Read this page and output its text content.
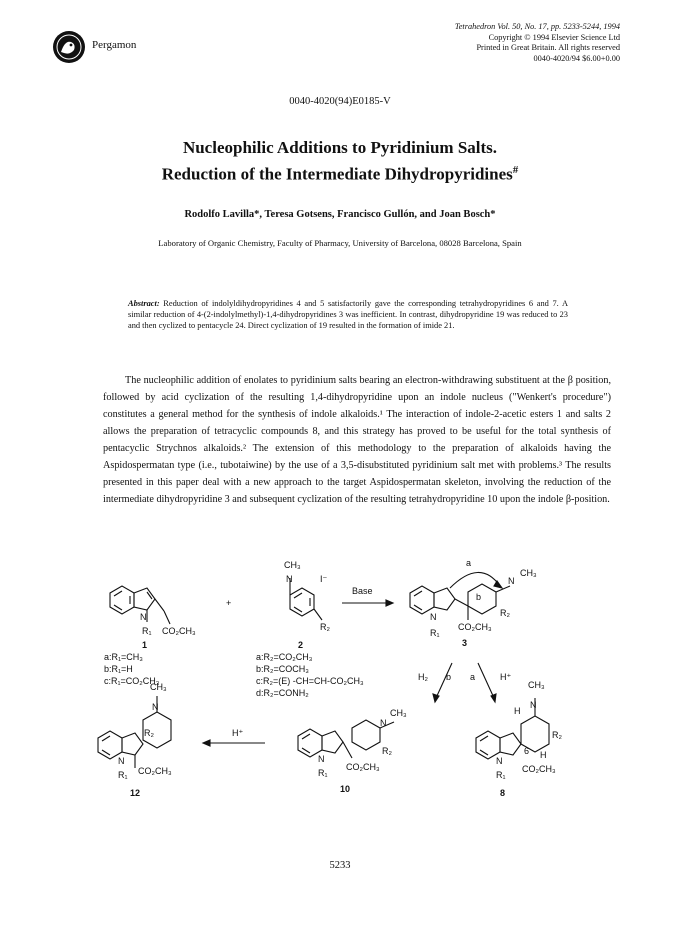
Pergamon
Tetrahedron Vol. 50, No. 17, pp. 5233-5244, 1994
Copyright © 1994 Elsevier Science Ltd
Printed in Great Britain. All rights reserved
0040-4020/94 $6.00+0.00
0040-4020(94)E0185-V
Nucleophilic Additions to Pyridinium Salts.
Reduction of the Intermediate Dihydropyridines#
Rodolfo Lavilla*, Teresa Gotsens, Francisco Gullón, and Joan Bosch*
Laboratory of Organic Chemistry, Faculty of Pharmacy, University of Barcelona, 08028 Barcelona, Spain
Abstract: Reduction of indolyldihydropyridines 4 and 5 satisfactorily gave the corresponding tetrahydropyridines 6 and 7. A similar reduction of 4-(2-indolylmethyl)-1,4-dihydropyridines 3 was inefficient. In contrast, dihydropyridine 19 was reduced to 23 and then cyclized to pentacycle 24. Direct cyclization of 19 resulted in the formation of imide 21.

The nucleophilic addition of enolates to pyridinium salts bearing an electron-withdrawing substituent at the β position, followed by acid cyclization of the resulting 1,4-dihydropyridine upon an indole nucleus ("Wenkert's procedure") constitutes a general method for the synthesis of indole alkaloids.¹ The interaction of indole-2-acetic esters 1 and salts 2 allows the preparation of tetracyclic compounds 8, and this strategy has proved to be useful for the total synthesis of pentacyclic Strychnos alkaloids.² The extension of this methodology to the preparation of alkaloids having the Aspidospermatan type (i.e., tubotaiwine) by the use of a 3,5-disubstituted pyridinium salt met with problems.³ The results presented in this paper deal with a new approach to the target Aspidospermatan skeleton, involving the reduction of the intermediate dihydropyridine 3 and subsequent cyclization of the resulting tetrahydropyridine 10 upon the indole β-position.

N
R₁ CO₂CH₃
1
+
CH₃
N	I⁻
R₂
2
Base
a
b
N
CH₃
R₂
N
R₁
CO₂CH₃
3
a:R₁=CH₃
b:R₁=H
c:R₁=CO₂CH₃
a:R₂=CO₂CH₃
b:R₂=COCH₃
c:R₂=(E) -CH=CH-CO₂CH₃
d:R₂=CONH₂
H₂ b a	H⁺
H⁺
N
CH₃
R₂
N
R₁
CO₂CH₃
10
CH₃
N
H
R₂
6 H
N
R₁
CO₂CH₃
8
CH₃
N
R₂
N
R₁ CO₂CH₃
12
5233
